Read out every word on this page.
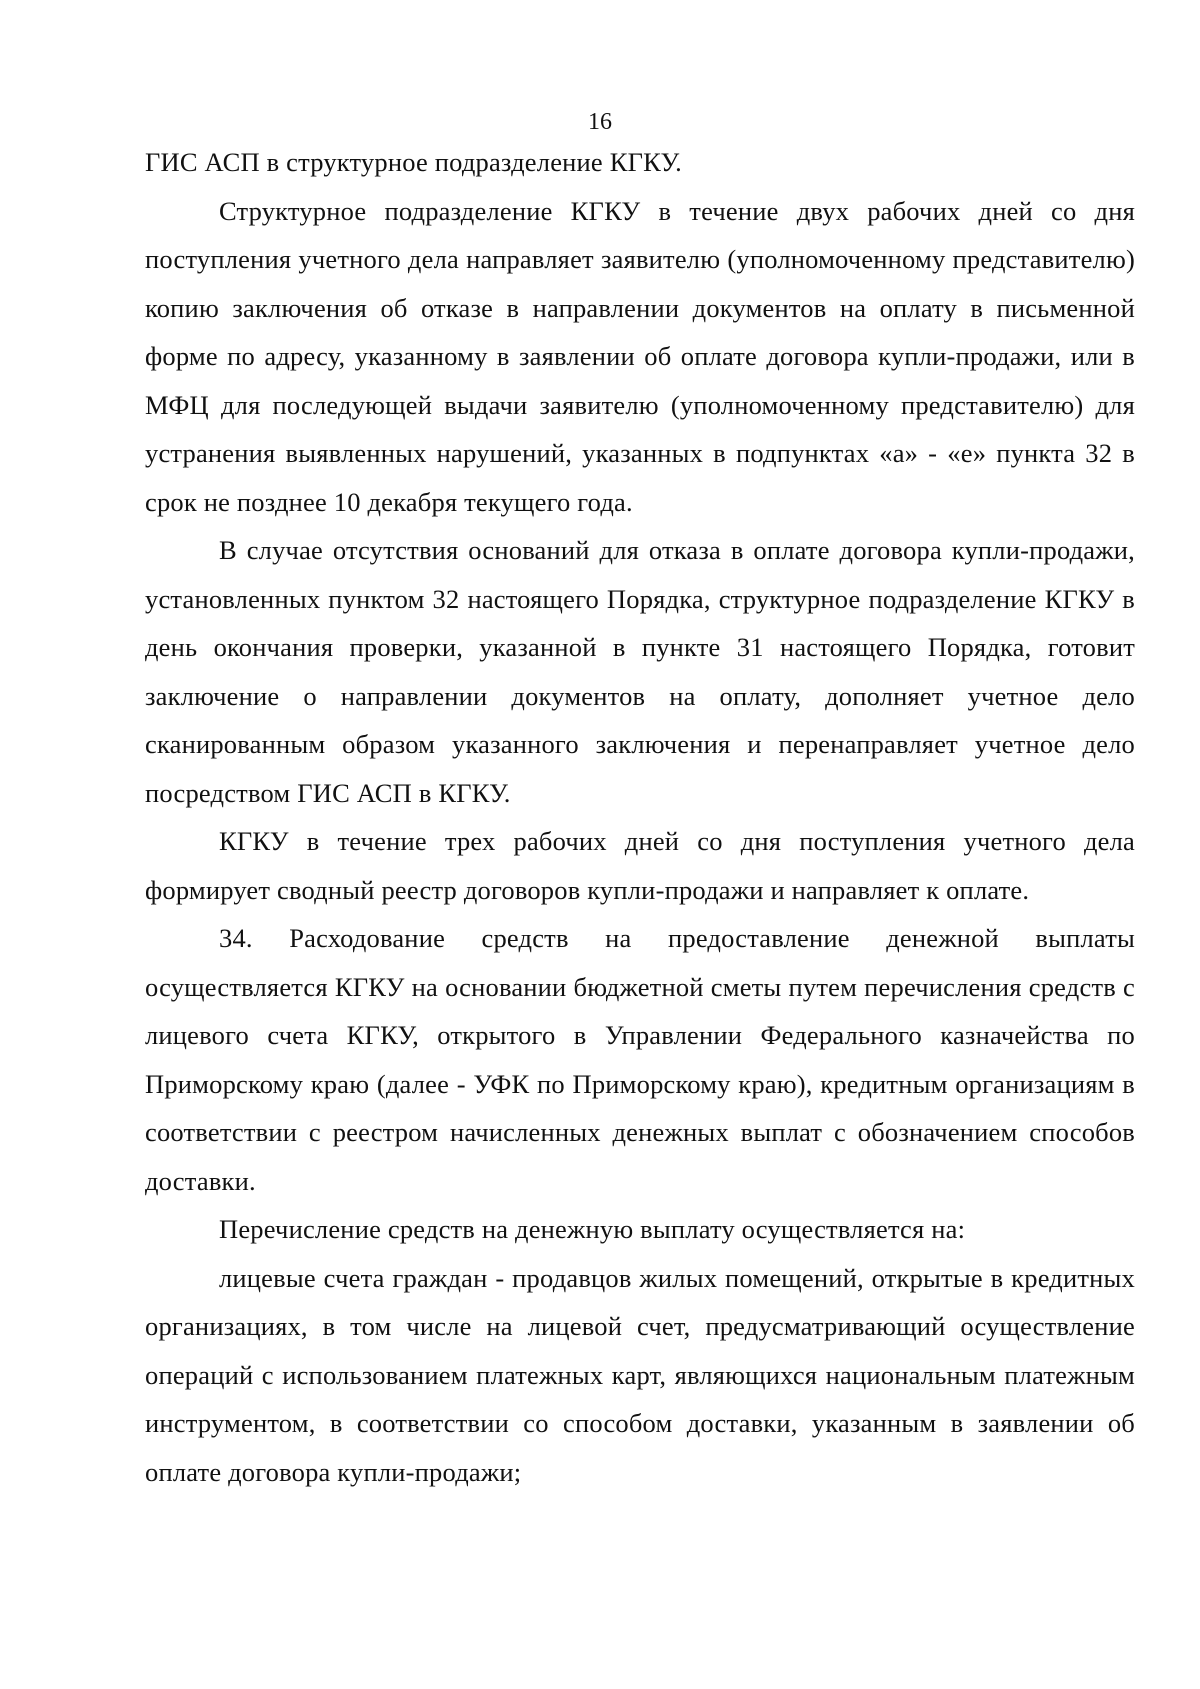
16

ГИС АСП в структурное подразделение КГКУ.

Структурное подразделение КГКУ в течение двух рабочих дней со дня поступления учетного дела направляет заявителю (уполномоченному представителю) копию заключения об отказе в направлении документов на оплату в письменной форме по адресу, указанному в заявлении об оплате договора купли-продажи, или в МФЦ для последующей выдачи заявителю (уполномоченному представителю) для устранения выявленных нарушений, указанных в подпунктах «а» - «е» пункта 32 в срок не позднее 10 декабря текущего года.

В случае отсутствия оснований для отказа в оплате договора купли-продажи, установленных пунктом 32 настоящего Порядка, структурное подразделение КГКУ в день окончания проверки, указанной в пункте 31 настоящего Порядка, готовит заключение о направлении документов на оплату, дополняет учетное дело сканированным образом указанного заключения и перенаправляет учетное дело посредством ГИС АСП в КГКУ.

КГКУ в течение трех рабочих дней со дня поступления учетного дела формирует сводный реестр договоров купли-продажи и направляет к оплате.

34. Расходование средств на предоставление денежной выплаты осуществляется КГКУ на основании бюджетной сметы путем перечисления средств с лицевого счета КГКУ, открытого в Управлении Федерального казначейства по Приморскому краю (далее - УФК по Приморскому краю), кредитным организациям в соответствии с реестром начисленных денежных выплат с обозначением способов доставки.

Перечисление средств на денежную выплату осуществляется на:

лицевые счета граждан - продавцов жилых помещений, открытые в кредитных организациях, в том числе на лицевой счет, предусматривающий осуществление операций с использованием платежных карт, являющихся национальным платежным инструментом, в соответствии со способом доставки, указанным в заявлении об оплате договора купли-продажи;
